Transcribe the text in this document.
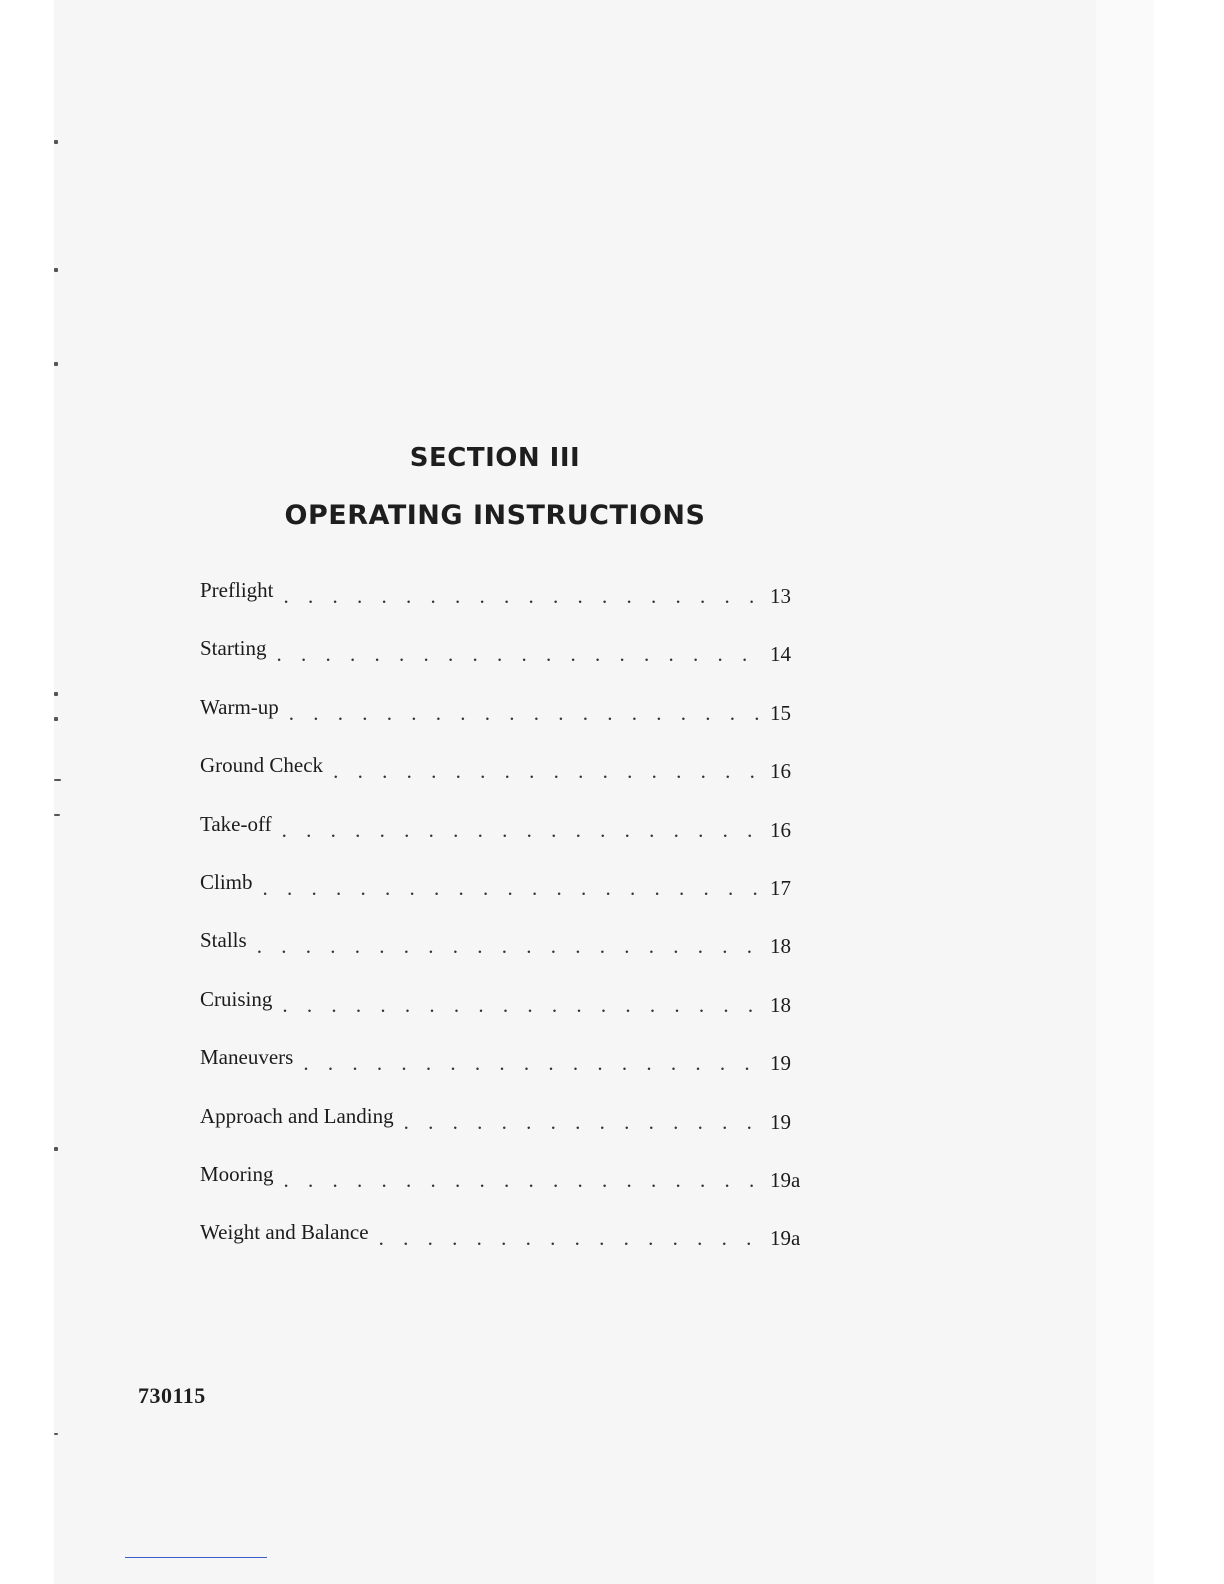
SECTION III
OPERATING INSTRUCTIONS
Preflight . . .	13
Starting . . .	14
Warm-up . . .	15
Ground Check . . .	16
Take-off . . .	16
Climb . . .	17
Stalls . . .	18
Cruising . . .	18
Maneuvers . . .	19
Approach and Landing . . .	19
Mooring . . .	19a
Weight and Balance . . .	19a
730115
